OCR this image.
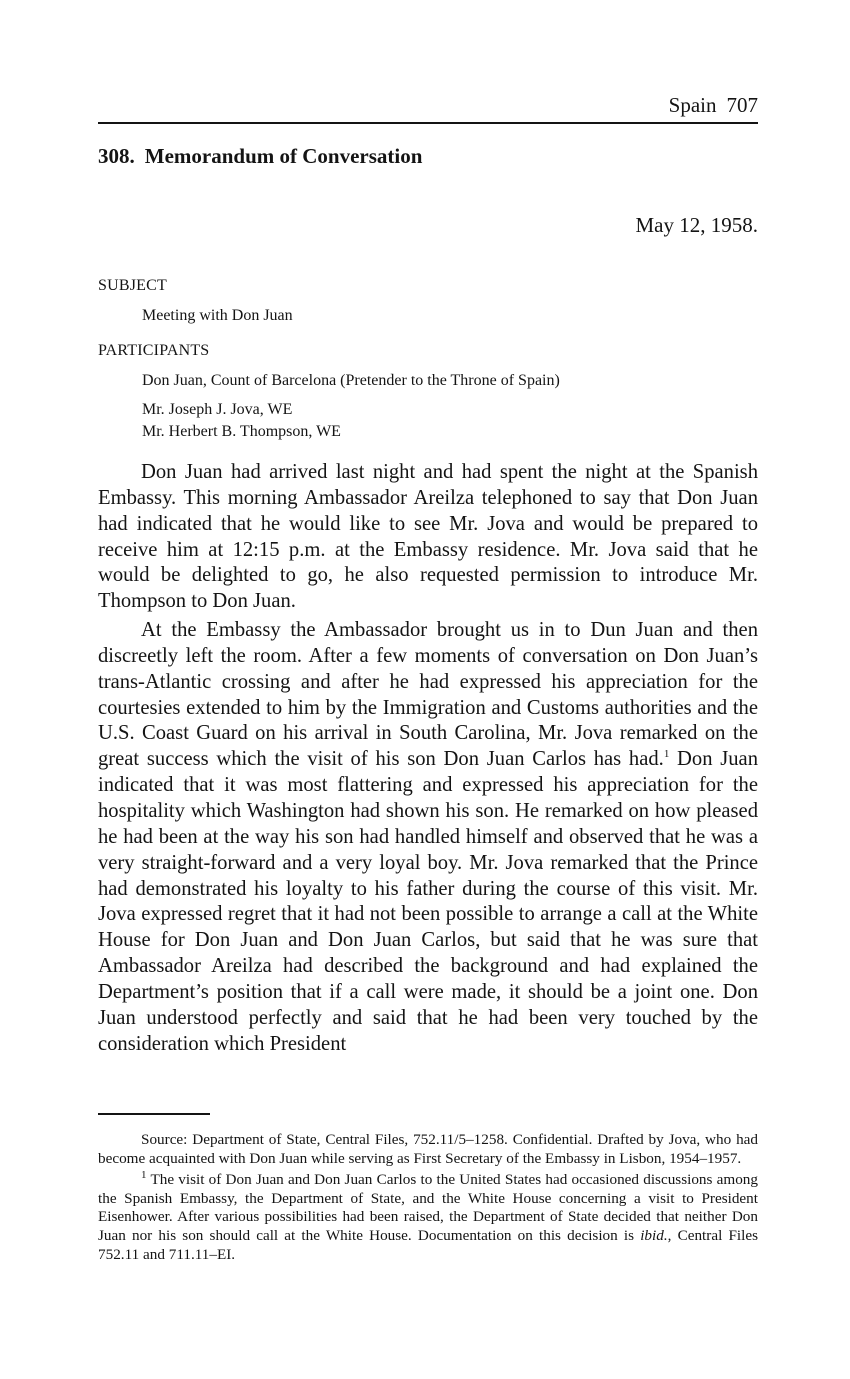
Spain 707
308. Memorandum of Conversation
May 12, 1958.
SUBJECT
Meeting with Don Juan
PARTICIPANTS
Don Juan, Count of Barcelona (Pretender to the Throne of Spain)
Mr. Joseph J. Jova, WE
Mr. Herbert B. Thompson, WE

Don Juan had arrived last night and had spent the night at the Spanish Embassy. This morning Ambassador Areilza telephoned to say that Don Juan had indicated that he would like to see Mr. Jova and would be prepared to receive him at 12:15 p.m. at the Embassy residence. Mr. Jova said that he would be delighted to go, he also requested permission to introduce Mr. Thompson to Don Juan.

At the Embassy the Ambassador brought us in to Dun Juan and then discreetly left the room. After a few moments of conversation on Don Juan’s trans-Atlantic crossing and after he had expressed his appreciation for the courtesies extended to him by the Immigration and Customs authorities and the U.S. Coast Guard on his arrival in South Carolina, Mr. Jova remarked on the great success which the visit of his son Don Juan Carlos has had.$^1$ Don Juan indicated that it was most flattering and expressed his appreciation for the hospitality which Washington had shown his son. He remarked on how pleased he had been at the way his son had handled himself and observed that he was a very straight-forward and a very loyal boy. Mr. Jova remarked that the Prince had demonstrated his loyalty to his father during the course of this visit. Mr. Jova expressed regret that it had not been possible to arrange a call at the White House for Don Juan and Don Juan Carlos, but said that he was sure that Ambassador Areilza had described the background and had explained the Department’s position that if a call were made, it should be a joint one. Don Juan understood perfectly and said that he had been very touched by the consideration which President

Source: Department of State, Central Files, 752.11/5–1258. Confidential. Drafted by Jova, who had become acquainted with Don Juan while serving as First Secretary of the Embassy in Lisbon, 1954–1957.

$^1$ The visit of Don Juan and Don Juan Carlos to the United States had occasioned discussions among the Spanish Embassy, the Department of State, and the White House concerning a visit to President Eisenhower. After various possibilities had been raised, the Department of State decided that neither Don Juan nor his son should call at the White House. Documentation on this decision is ibid., Central Files 752.11 and 711.11–EI.
